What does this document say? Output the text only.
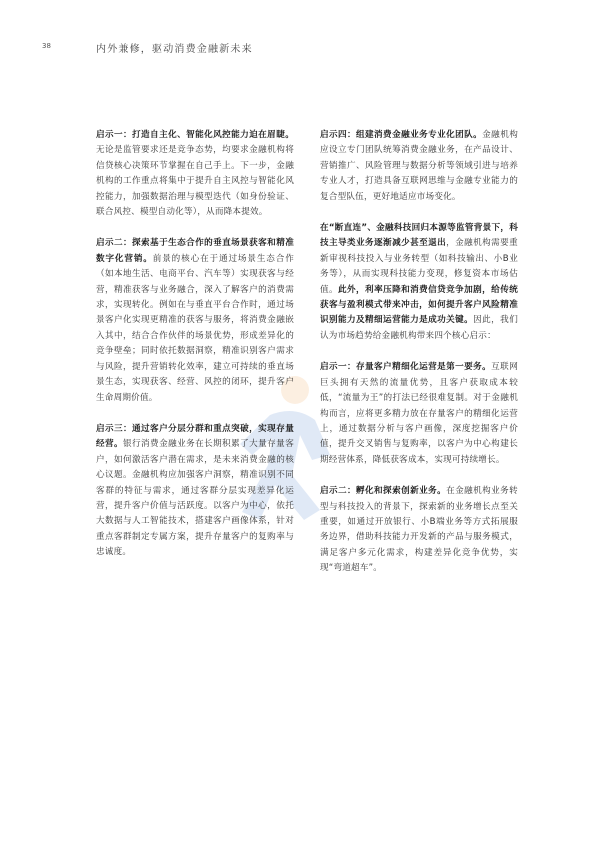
38	内外兼修，驱动消费金融新未来

启示一：打造自主化、智能化风控能力迫在眉睫。无论是监管要求还是竞争态势，均要求金融机构将信贷核心决策环节掌握在自己手上。下一步，金融机构的工作重点将集中于提升自主风控与智能化风控能力，加强数据治理与模型迭代（如身份验证、联合风控、模型自动化等），从而降本提效。

启示二：探索基于生态合作的垂直场景获客和精准数字化营销。前景的核心在于通过场景生态合作（如本地生活、电商平台、汽车等）实现获客与经营，精准获客与业务融合，深入了解客户的消费需求，实现转化。例如在与垂直平台合作时，通过场景客户化实现更精准的获客与服务，将消费金融嵌入其中，结合合作伙伴的场景优势，形成差异化的竞争壁垒；同时依托数据洞察，精准识别客户需求与风险，提升营销转化效率，建立可持续的垂直场景生态，实现获客、经营、风控的闭环，提升客户生命周期价值。

启示三：通过客户分层分群和重点突破，实现存量经营。银行消费金融业务在长期积累了大量存量客户，如何激活客户潜在需求，是未来消费金融的核心议题。金融机构应加强客户洞察，精准识别不同客群的特征与需求，通过客群分层实现差异化运营，提升客户价值与活跃度。以客户为中心，依托大数据与人工智能技术，搭建客户画像体系，针对重点客群制定专属方案，提升存量客户的复购率与忠诚度。

启示四：组建消费金融业务专业化团队。金融机构应设立专门团队统筹消费金融业务，在产品设计、营销推广、风险管理与数据分析等领域引进与培养专业人才，打造具备互联网思维与金融专业能力的复合型队伍，更好地适应市场变化。

在“断直连”、金融科技回归本源等监管背景下，科技主导类业务逐渐减少甚至退出，金融机构需要重新审视科技投入与业务转型（如科技输出、小B业务等），从而实现科技能力变现，修复资本市场估值。此外，利率压降和消费信贷竞争加剧，给传统获客与盈利模式带来冲击，如何提升客户风险精准识别能力及精细运营能力是成功关键。因此，我们认为市场趋势给金融机构带来四个核心启示：

启示一：存量客户精细化运营是第一要务。互联网巨头拥有天然的流量优势，且客户获取成本较低，“流量为王”的打法已经很难复制。对于金融机构而言，应将更多精力放在存量客户的精细化运营上，通过数据分析与客户画像，深度挖掘客户价值，提升交叉销售与复购率，以客户为中心构建长期经营体系，降低获客成本，实现可持续增长。

启示二：孵化和探索创新业务。在金融机构业务转型与科技投入的背景下，探索新的业务增长点至关重要，如通过开放银行、小B端业务等方式拓展服务边界，借助科技能力开发新的产品与服务模式，满足客户多元化需求，构建差异化竞争优势，实现“弯道超车”。
